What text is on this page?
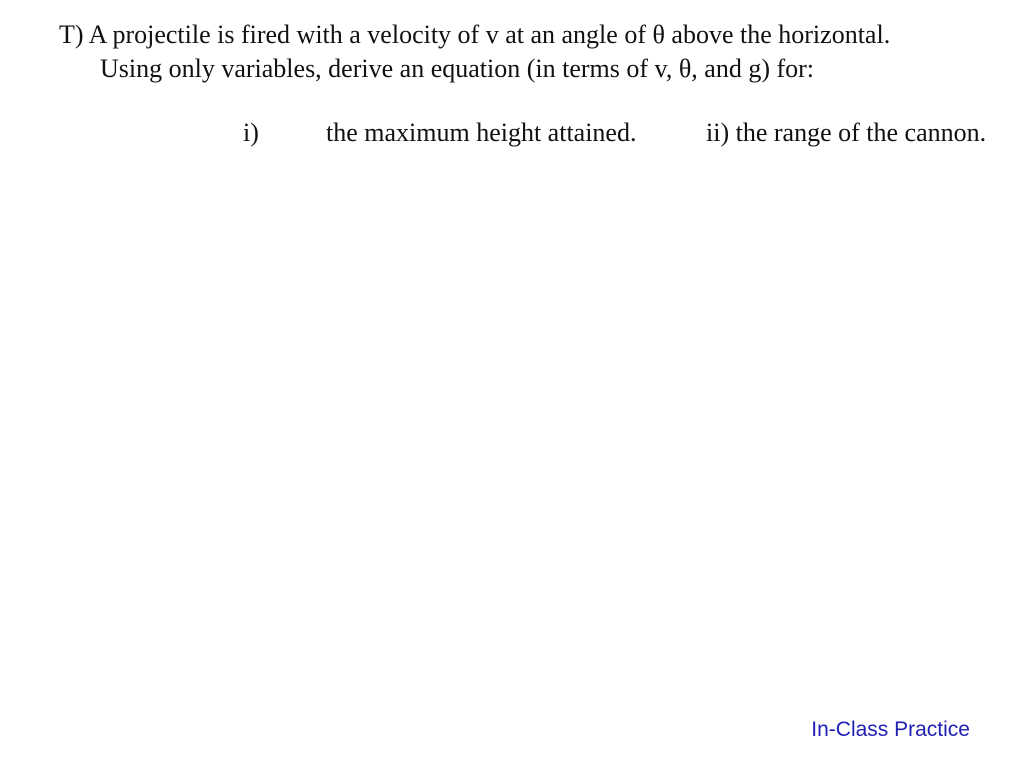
T) A projectile is fired with a velocity of v at an angle of θ above the horizontal.
Using only variables, derive an equation (in terms of v, θ, and g) for:
i)	the maximum height attained.	ii) the range of the cannon.
In-Class Practice
